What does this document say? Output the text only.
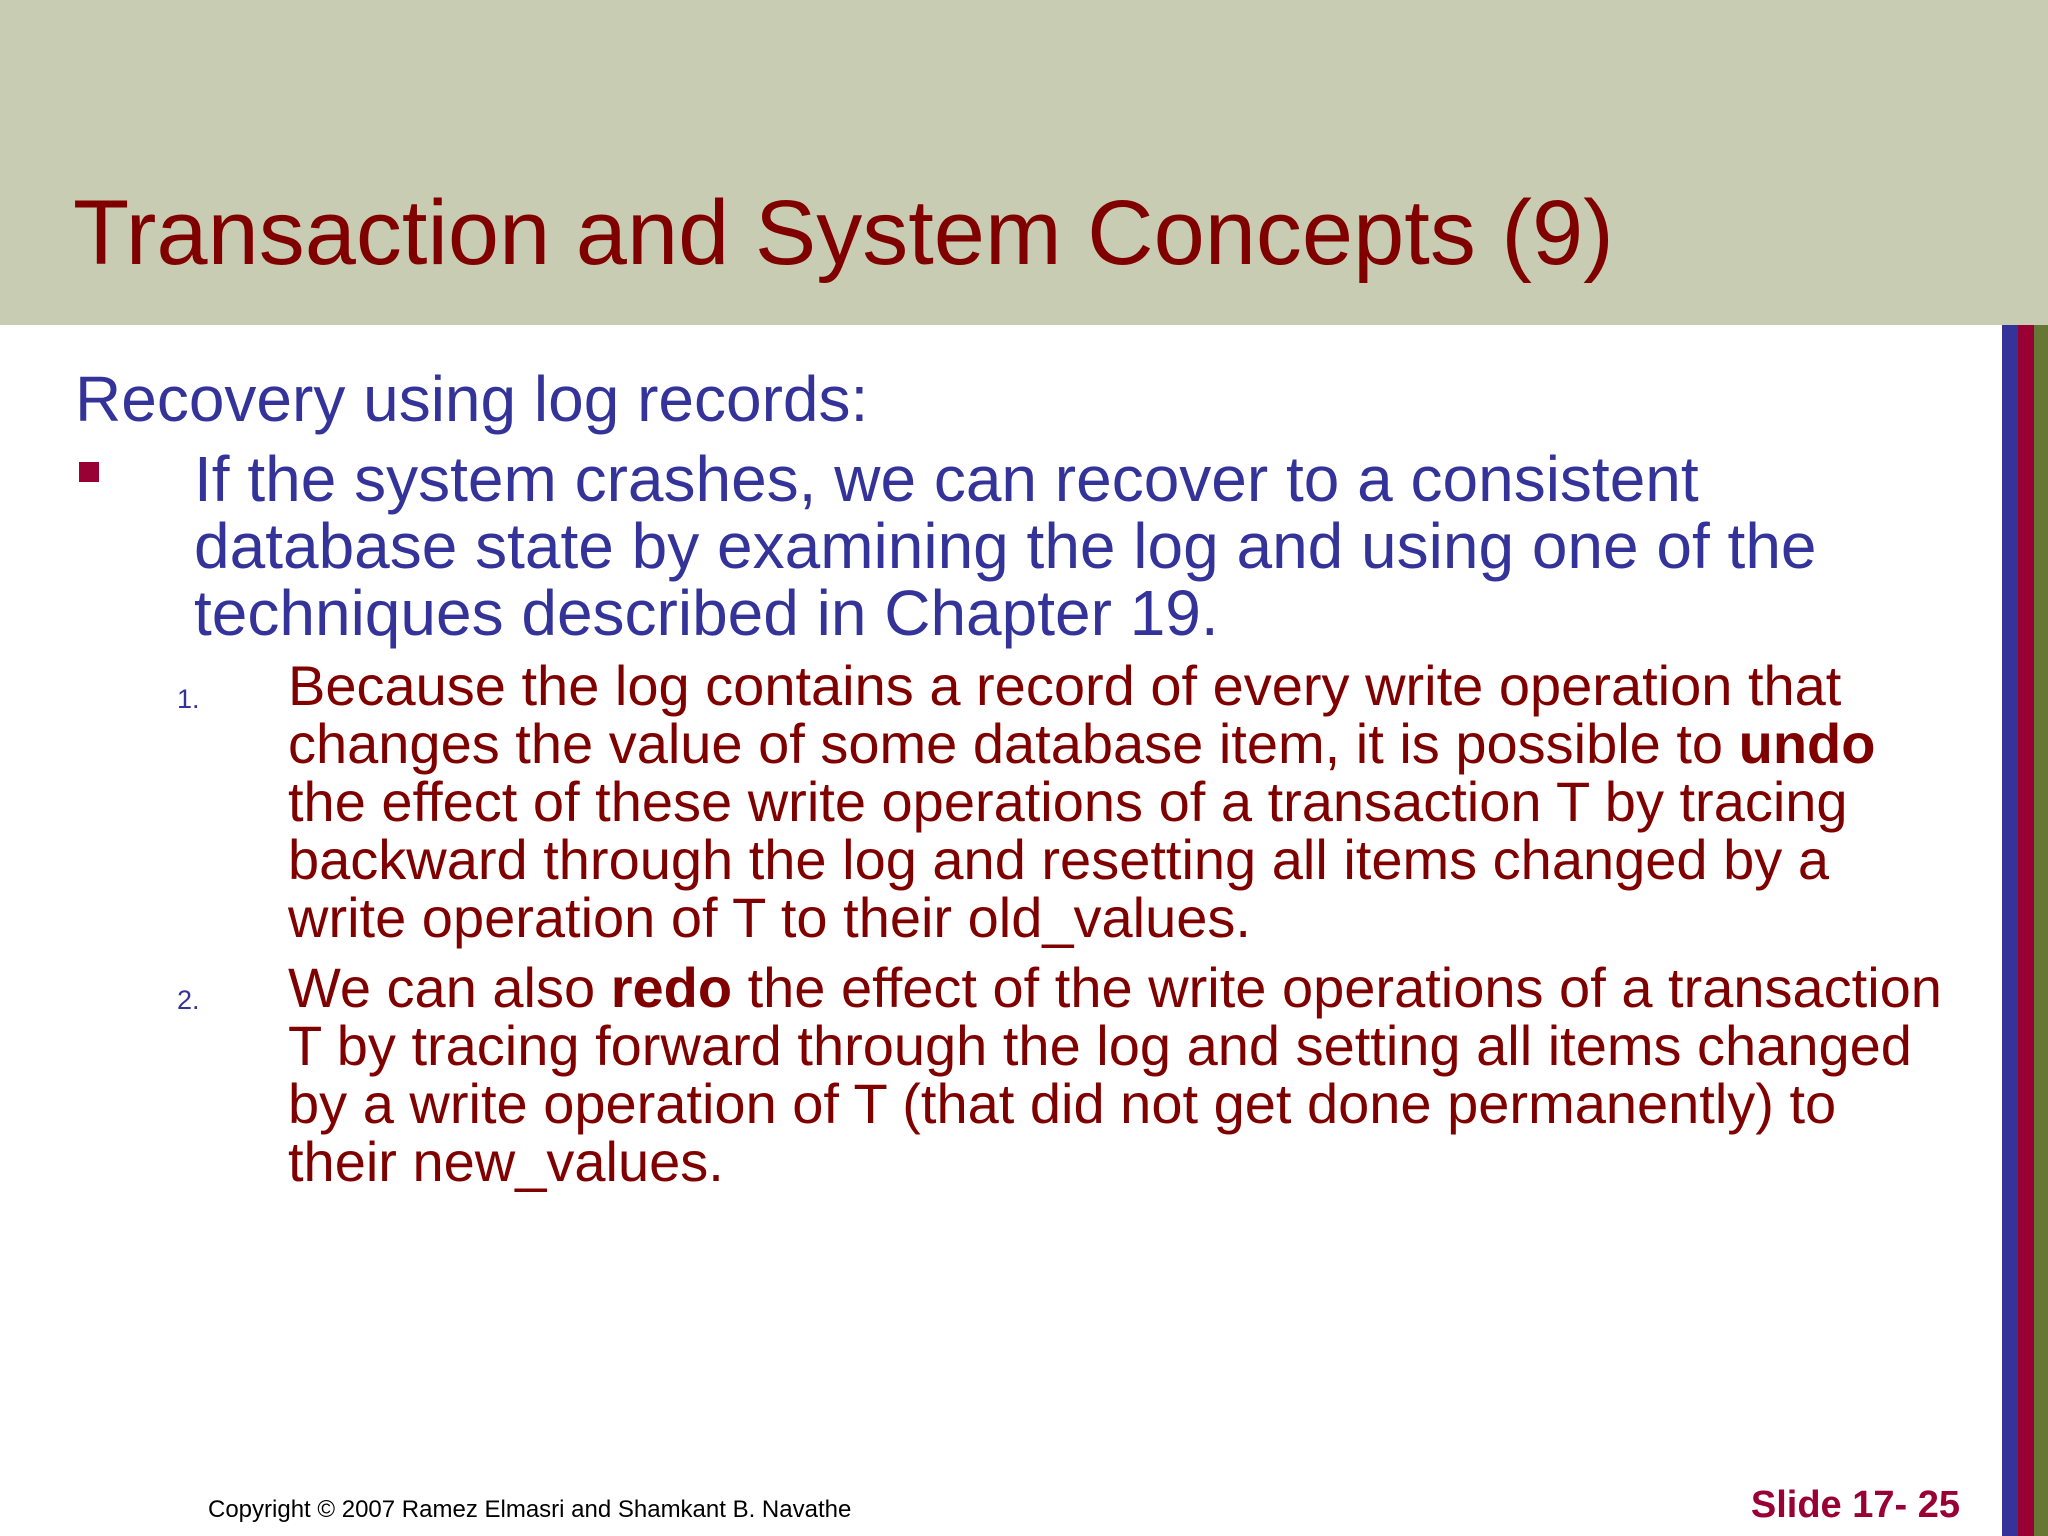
Transaction and System Concepts (9)

Recovery using log records:

If the system crashes, we can recover to a consistent database state by examining the log and using one of the techniques described in Chapter 19.

1. Because the log contains a record of every write operation that changes the value of some database item, it is possible to undo the effect of these write operations of a transaction T by tracing backward through the log and resetting all items changed by a write operation of T to their old_values.

2. We can also redo the effect of the write operations of a transaction T by tracing forward through the log and setting all items changed by a write operation of T (that did not get done permanently) to their new_values.

Copyright © 2007 Ramez Elmasri and Shamkant B. Navathe	Slide 17- 25
